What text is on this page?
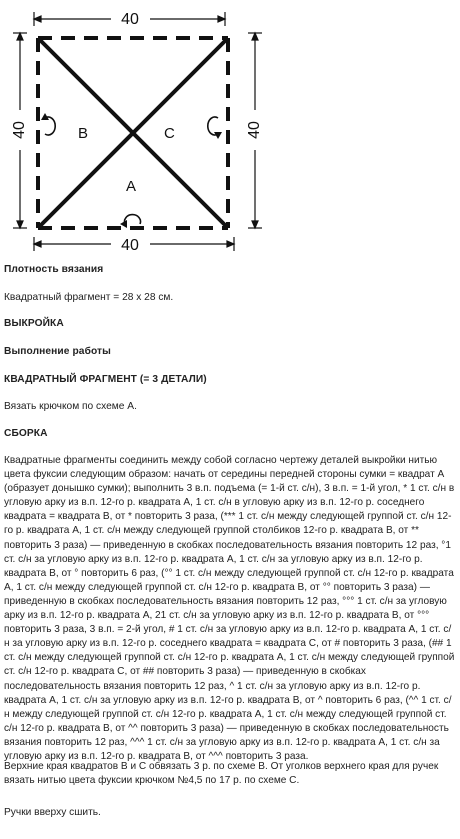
40
40
40	40
B	C
A
Плотность вязания
Квадратный фрагмент = 28 x 28 см.
ВЫКРОЙКА
Выполнение работы
КВАДРАТНЫЙ ФРАГМЕНТ (= 3 ДЕТАЛИ)
Вязать крючком по схеме А.
СБОРКА
Квадратные фрагменты соединить между собой согласно чертежу деталей выкройки нитью цвета фуксии следующим образом: начать от середины передней стороны сумки = квадрат А (образует донышко сумки); выполнить 3 в.п. подъема (= 1-й ст. с/н), 3 в.п. = 1-й угол, * 1 ст. с/н в угловую арку из в.п. 12-го р. квадрата А, 1 ст. с/н в угловую арку из в.п. 12-го р. соседнего квадрата = квадрата В, от * повторить 3 раза, (*** 1 ст. с/н между следующей группой ст. с/н 12-го р. квадрата А, 1 ст. с/н между следующей группой столбиков 12-го р. квадрата В, от ** повторить 3 раза) — приведенную в скобках последовательность вязания повторить 12 раз, °1 ст. с/н за угловую арку из в.п. 12-го р. квадрата А, 1 ст. с/н за угловую арку из в.п. 12-го р. квадрата В, от ° повторить 6 раз, (°° 1 ст. с/н между следующей группой ст. с/н 12-го р. квадрата А, 1 ст. с/н между следующей группой ст. с/н 12-го р. квадрата В, от °° повторить 3 раза) — приведенную в скобках последовательность вязания повторить 12 раз, °°° 1 ст. с/н за угловую арку из в.п. 12-го р. квадрата А, 21 ст. с/н за угловую арку из в.п. 12-го р. квадрата В, от °°° повторить 3 раза, 3 в.п. = 2-й угол, # 1 ст. с/н за угловую арку из в.п. 12-го р. квадрата А, 1 ст. с/н за угловую арку из в.п. 12-го р. соседнего квадрата = квадрата С, от # повторить 3 раза, (## 1 ст. с/н между следующей группой ст. с/н 12-го р. квадрата А, 1 ст. с/н между следующей группой ст. с/н 12-го р. квадрата С, от ## повторить 3 раза) — приведенную в скобках последовательность вязания повторить 12 раз, ^ 1 ст. с/н за угловую арку из в.п. 12-го р. квадрата А, 1 ст. с/н за угловую арку из в.п. 12-го р. квадрата В, от ^ повторить 6 раз, (^^ 1 ст. с/н между следующей группой ст. с/н 12-го р. квадрата А, 1 ст. с/н между следующей группой ст. с/н 12-го р. квадрата В, от ^^ повторить 3 раза) — приведенную в скобках последовательность вязания повторить 12 раз, ^^^ 1 ст. с/н за угловую арку из в.п. 12-го р. квадрата А, 1 ст. с/н за угловую арку из в.п. 12-го р. квадрата В, от ^^^ повторить 3 раза.
Верхние края квадратов В и С обвязать 3 р. по схеме В. От уголков верхнего края для ручек вязать нитью цвета фуксии крючком №4,5 по 17 р. по схеме С.
Ручки вверху сшить.
